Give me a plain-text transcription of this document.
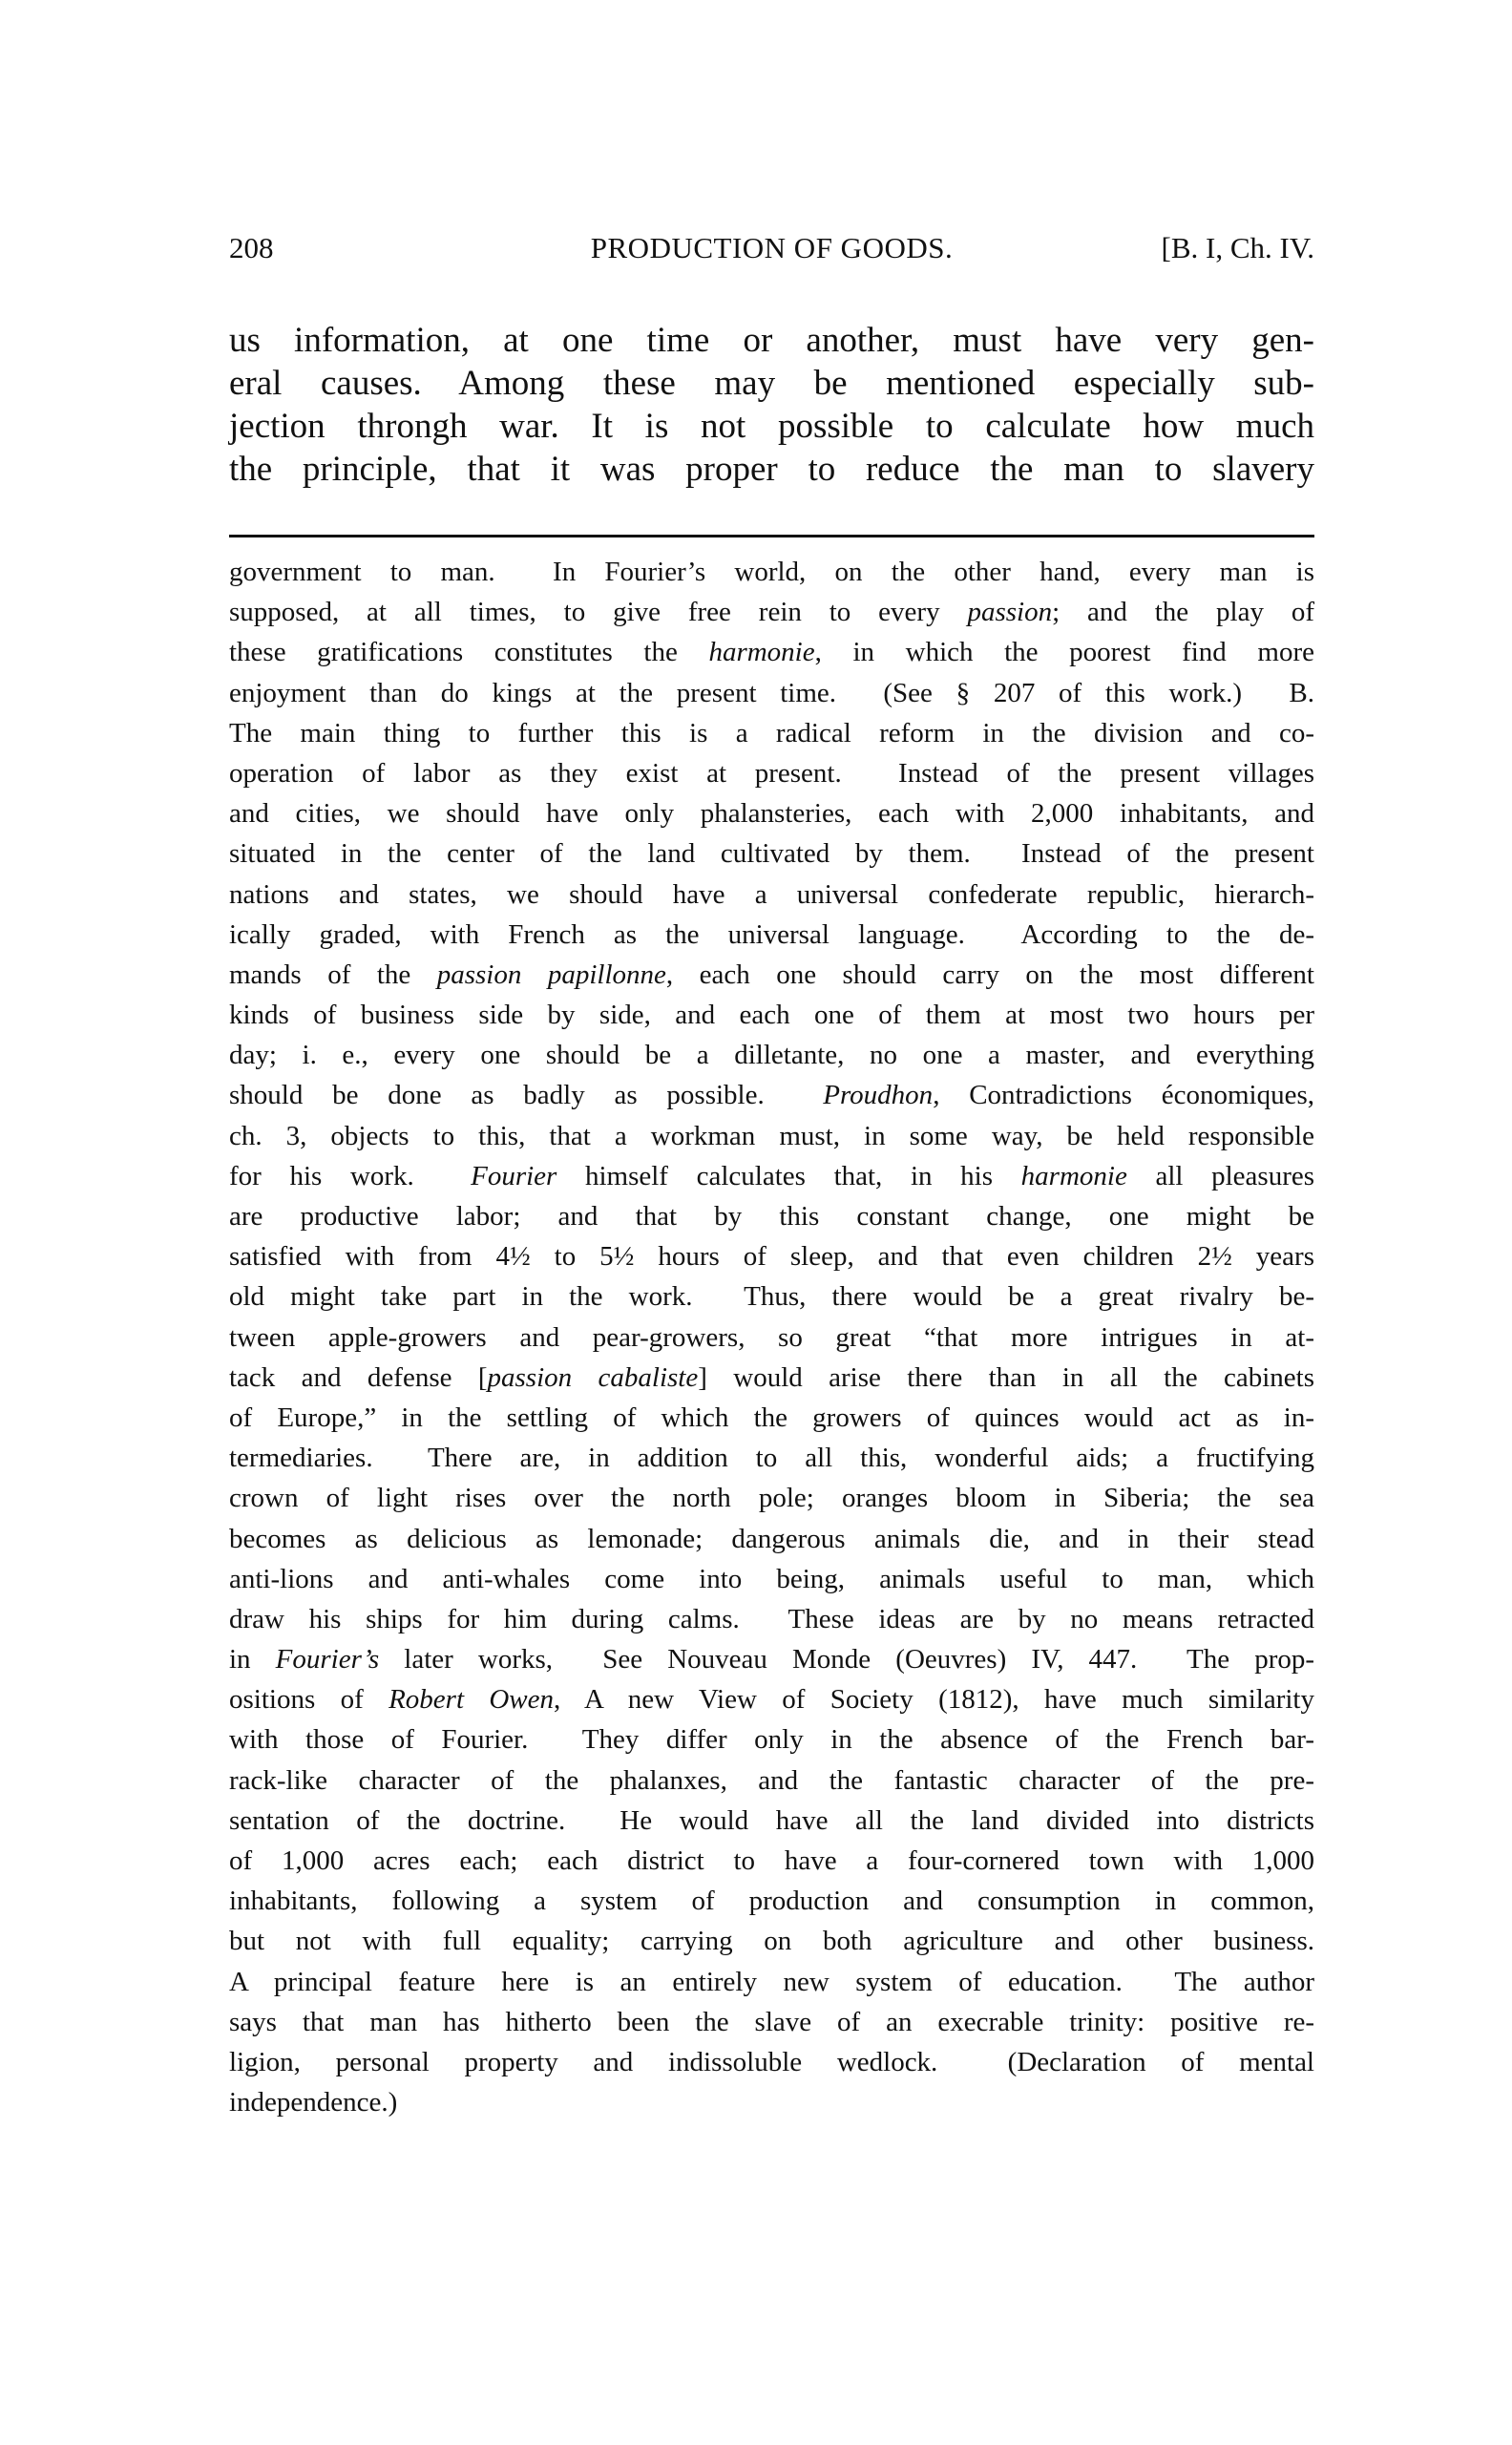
208	PRODUCTION OF GOODS.	[B. I, Ch. IV.
us information, at one time or another, must have very gen-
eral causes. Among these may be mentioned especially sub-
jection throngh war. It is not possible to calculate how much
the principle, that it was proper to reduce the man to slavery
government to man.  In Fourier’s world, on the other hand, every man is
supposed, at all times, to give free rein to every passion; and the play of
these gratifications constitutes the harmonie, in which the poorest find more
enjoyment than do kings at the present time.  (See § 207 of this work.)  B.
The main thing to further this is a radical reform in the division and co-
operation of labor as they exist at present.  Instead of the present villages
and cities, we should have only phalansteries, each with 2,000 inhabitants, and
situated in the center of the land cultivated by them.  Instead of the present
nations and states, we should have a universal confederate republic, hierarch-
ically graded, with French as the universal language.  According to the de-
mands of the passion papillonne, each one should carry on the most different
kinds of business side by side, and each one of them at most two hours per
day; i. e., every one should be a dilletante, no one a master, and everything
should be done as badly as possible.  Proudhon, Contradictions économiques,
ch. 3, objects to this, that a workman must, in some way, be held responsible
for his work.  Fourier himself calculates that, in his harmonie all pleasures
are productive labor; and that by this constant change, one might be
satisfied with from 4½ to 5½ hours of sleep, and that even children 2½ years
old might take part in the work.  Thus, there would be a great rivalry be-
tween apple-growers and pear-growers, so great “that more intrigues in at-
tack and defense [passion cabaliste] would arise there than in all the cabinets
of Europe,” in the settling of which the growers of quinces would act as in-
termediaries.  There are, in addition to all this, wonderful aids; a fructifying
crown of light rises over the north pole; oranges bloom in Siberia; the sea
becomes as delicious as lemonade; dangerous animals die, and in their stead
anti-lions and anti-whales come into being, animals useful to man, which
draw his ships for him during calms.  These ideas are by no means retracted
in Fourier’s later works,  See Nouveau Monde (Oeuvres) IV, 447.  The prop-
ositions of Robert Owen, A new View of Society (1812), have much similarity
with those of Fourier.  They differ only in the absence of the French bar-
rack-like character of the phalanxes, and the fantastic character of the pre-
sentation of the doctrine.  He would have all the land divided into districts
of 1,000 acres each; each district to have a four-cornered town with 1,000
inhabitants, following a system of production and consumption in common,
but not with full equality; carrying on both agriculture and other business.
A principal feature here is an entirely new system of education.  The author
says that man has hitherto been the slave of an execrable trinity: positive re-
ligion, personal property and indissoluble wedlock.  (Declaration of mental
independence.)
